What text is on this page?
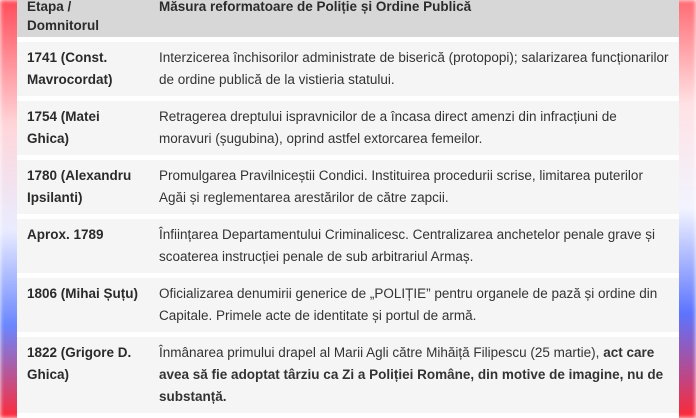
Etapa / Domnitorul	Măsura reformatoare de Poliție și Ordine Publică
1741 (Const. Mavrocordat)	Interzicerea închisorilor administrate de biserică (protopopi); salarizarea funcționarilor de ordine publică de la vistieria statului.
1754 (Matei Ghica)	Retragerea dreptului ispravnicilor de a încasa direct amenzi din infracțiuni de moravuri (șugubina), oprind astfel extorcarea femeilor.
1780 (Alexandru Ipsilanti)	Promulgarea Pravilniceștii Condici. Instituirea procedurii scrise, limitarea puterilor Agăi și reglementarea arestărilor de către zapcii.
Aprox. 1789	Înființarea Departamentului Criminalicesc. Centralizarea anchetelor penale grave și scoaterea instrucției penale de sub arbitrariul Armaș.
1806 (Mihai Șuțu)	Oficializarea denumirii generice de „POLIȚIE” pentru organele de pază și ordine din Capitale. Primele acte de identitate și portul de armă.
1822 (Grigore D. Ghica)	Înmânarea primului drapel al Marii Agli către Mihăiță Filipescu (25 martie), act care avea să fie adoptat târziu ca Zi a Poliției Române, din motive de imagine, nu de substanță.
